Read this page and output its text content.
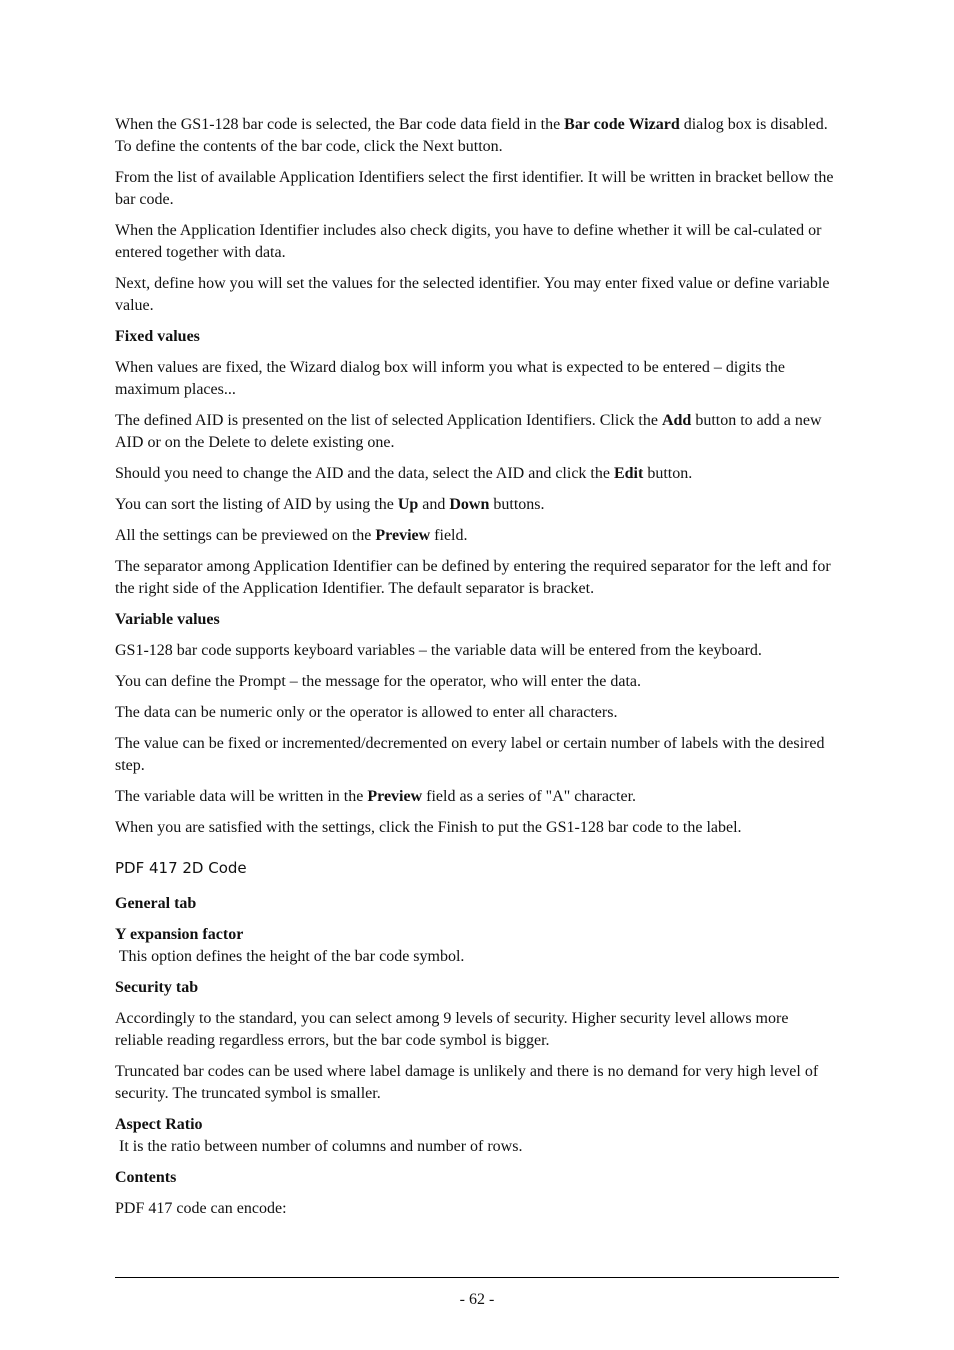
When the GS1-128 bar code is selected, the Bar code data field in the Bar code Wizard dialog box is disabled. To define the contents of the bar code, click the Next button.

From the list of available Application Identifiers select the first identifier. It will be written in bracket bellow the bar code.

When the Application Identifier includes also check digits, you have to define whether it will be cal-culated or entered together with data.

Next, define how you will set the values for the selected identifier. You may enter fixed value or define variable value.

Fixed values

When values are fixed, the Wizard dialog box will inform you what is expected to be entered – digits the maximum places...

The defined AID is presented on the list of selected Application Identifiers. Click the Add button to add a new AID or on the Delete to delete existing one.

Should you need to change the AID and the data, select the AID and click the Edit button.

You can sort the listing of AID by using the Up and Down buttons.

All the settings can be previewed on the Preview field.

The separator among Application Identifier can be defined by entering the required separator for the left and for the right side of the Application Identifier. The default separator is bracket.

Variable values

GS1-128 bar code supports keyboard variables – the variable data will be entered from the keyboard.

You can define the Prompt – the message for the operator, who will enter the data.

The data can be numeric only or the operator is allowed to enter all characters.

The value can be fixed or incremented/decremented on every label or certain number of labels with the desired step.

The variable data will be written in the Preview field as a series of "A" character.

When you are satisfied with the settings, click the Finish to put the GS1-128 bar code to the label.

PDF 417 2D Code
General tab
Y expansion factor
This option defines the height of the bar code symbol.
Security tab

Accordingly to the standard, you can select among 9 levels of security. Higher security level allows more reliable reading regardless errors, but the bar code symbol is bigger.

Truncated bar codes can be used where label damage is unlikely and there is no demand for very high level of security. The truncated symbol is smaller.

Aspect Ratio
It is the ratio between number of columns and number of rows.
Contents

PDF 417 code can encode:

- 62 -
